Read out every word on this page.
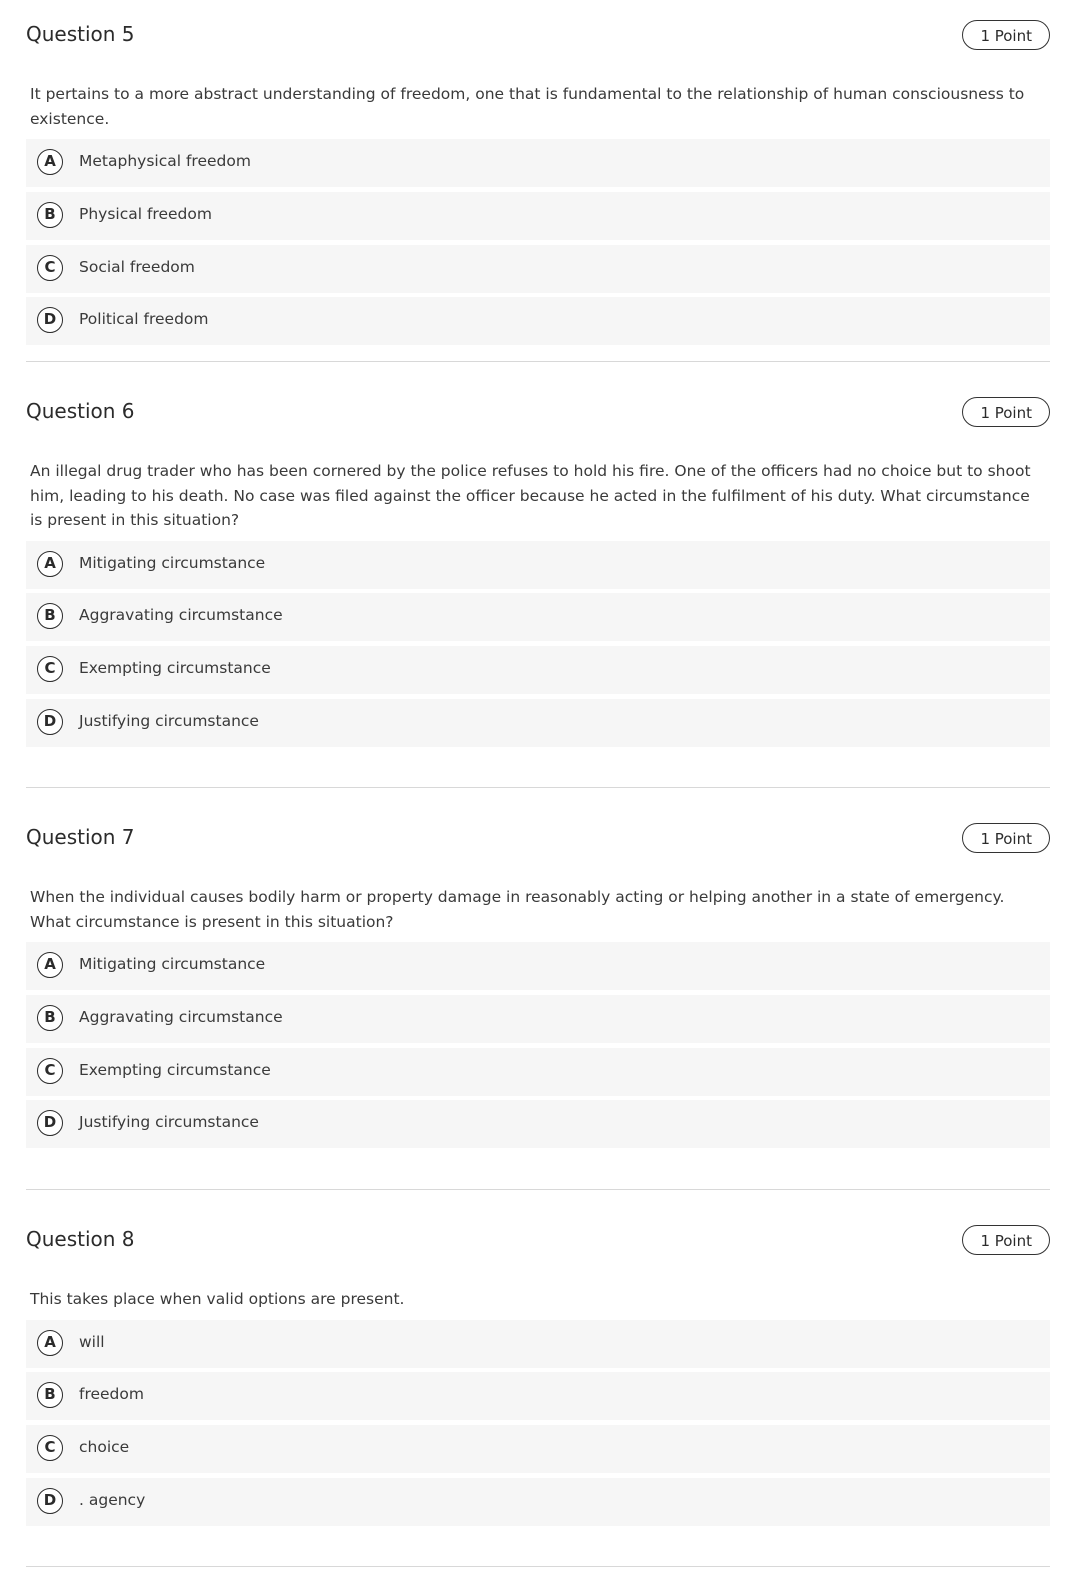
Question 5	1 Point

It pertains to a more abstract understanding of freedom, one that is fundamental to the relationship of human consciousness to existence.

A	Metaphysical freedom
B	Physical freedom
C	Social freedom
D	Political freedom
Question 6	1 Point

An illegal drug trader who has been cornered by the police refuses to hold his fire. One of the officers had no choice but to shoot him, leading to his death. No case was filed against the officer because he acted in the fulfilment of his duty. What circumstance is present in this situation?

A	Mitigating circumstance
B	Aggravating circumstance
C	Exempting circumstance
D	Justifying circumstance
Question 7	1 Point

When the individual causes bodily harm or property damage in reasonably acting or helping another in a state of emergency. What circumstance is present in this situation?

A	Mitigating circumstance
B	Aggravating circumstance
C	Exempting circumstance
D	Justifying circumstance
Question 8	1 Point

This takes place when valid options are present.

A	will
B	freedom
C	choice
D	. agency
